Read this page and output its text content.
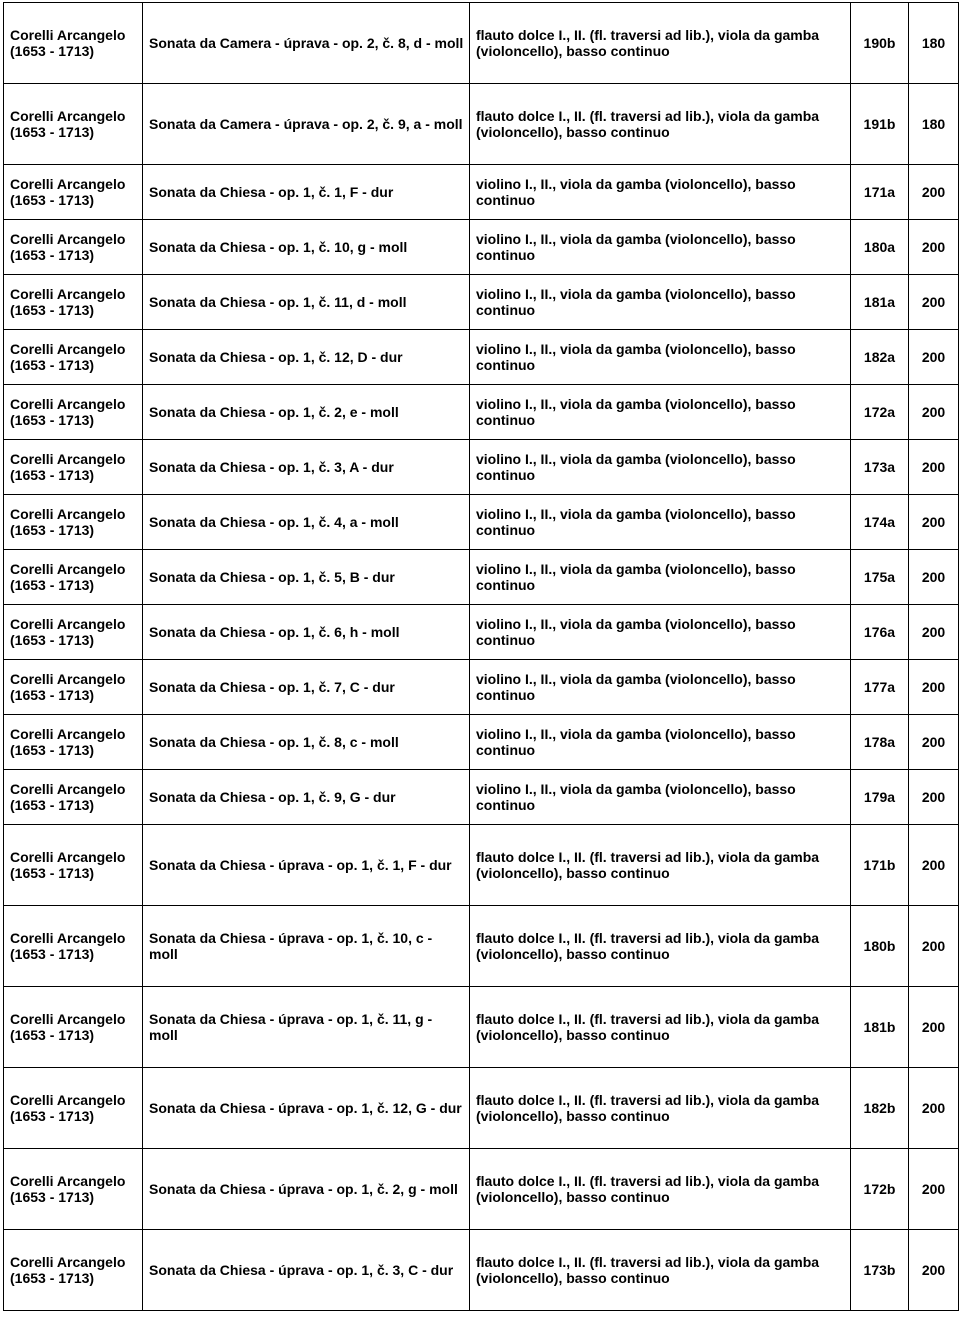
Corelli Arcangelo
(1653 - 1713)	Sonata da Camera - úprava - op. 2, č. 8, d - moll	flauto dolce I., II. (fl. traversi ad lib.), viola da gamba
(violoncello), basso continuo	190b	180

Corelli Arcangelo
(1653 - 1713)	Sonata da Camera - úprava - op. 2, č. 9, a - moll	flauto dolce I., II. (fl. traversi ad lib.), viola da gamba
(violoncello), basso continuo	191b	180

Corelli Arcangelo
(1653 - 1713)	Sonata da Chiesa - op. 1, č. 1, F - dur	violino I., II., viola da gamba (violoncello), basso
continuo	171a	200

Corelli Arcangelo
(1653 - 1713)	Sonata da Chiesa - op. 1, č. 10, g - moll	violino I., II., viola da gamba (violoncello), basso
continuo	180a	200

Corelli Arcangelo
(1653 - 1713)	Sonata da Chiesa - op. 1, č. 11, d - moll	violino I., II., viola da gamba (violoncello), basso
continuo	181a	200

Corelli Arcangelo
(1653 - 1713)	Sonata da Chiesa - op. 1, č. 12, D - dur	violino I., II., viola da gamba (violoncello), basso
continuo	182a	200

Corelli Arcangelo
(1653 - 1713)	Sonata da Chiesa - op. 1, č. 2, e - moll	violino I., II., viola da gamba (violoncello), basso
continuo	172a	200

Corelli Arcangelo
(1653 - 1713)	Sonata da Chiesa - op. 1, č. 3, A - dur	violino I., II., viola da gamba (violoncello), basso
continuo	173a	200

Corelli Arcangelo
(1653 - 1713)	Sonata da Chiesa - op. 1, č. 4, a - moll	violino I., II., viola da gamba (violoncello), basso
continuo	174a	200

Corelli Arcangelo
(1653 - 1713)	Sonata da Chiesa - op. 1, č. 5, B - dur	violino I., II., viola da gamba (violoncello), basso
continuo	175a	200

Corelli Arcangelo
(1653 - 1713)	Sonata da Chiesa - op. 1, č. 6, h - moll	violino I., II., viola da gamba (violoncello), basso
continuo	176a	200

Corelli Arcangelo
(1653 - 1713)	Sonata da Chiesa - op. 1, č. 7, C - dur	violino I., II., viola da gamba (violoncello), basso
continuo	177a	200

Corelli Arcangelo
(1653 - 1713)	Sonata da Chiesa - op. 1, č. 8, c - moll	violino I., II., viola da gamba (violoncello), basso
continuo	178a	200

Corelli Arcangelo
(1653 - 1713)	Sonata da Chiesa - op. 1, č. 9, G - dur	violino I., II., viola da gamba (violoncello), basso
continuo	179a	200

Corelli Arcangelo
(1653 - 1713)	Sonata da Chiesa - úprava - op. 1, č. 1, F - dur	flauto dolce I., II. (fl. traversi ad lib.), viola da gamba
(violoncello), basso continuo	171b	200

Corelli Arcangelo
(1653 - 1713)	Sonata da Chiesa - úprava - op. 1, č. 10, c -
moll	flauto dolce I., II. (fl. traversi ad lib.), viola da gamba
(violoncello), basso continuo	180b	200

Corelli Arcangelo
(1653 - 1713)	Sonata da Chiesa - úprava - op. 1, č. 11, g -
moll	flauto dolce I., II. (fl. traversi ad lib.), viola da gamba
(violoncello), basso continuo	181b	200

Corelli Arcangelo
(1653 - 1713)	Sonata da Chiesa - úprava - op. 1, č. 12, G - dur	flauto dolce I., II. (fl. traversi ad lib.), viola da gamba
(violoncello), basso continuo	182b	200

Corelli Arcangelo
(1653 - 1713)	Sonata da Chiesa - úprava - op. 1, č. 2, g - moll	flauto dolce I., II. (fl. traversi ad lib.), viola da gamba
(violoncello), basso continuo	172b	200

Corelli Arcangelo
(1653 - 1713)	Sonata da Chiesa - úprava - op. 1, č. 3, C - dur	flauto dolce I., II. (fl. traversi ad lib.), viola da gamba
(violoncello), basso continuo	173b	200
